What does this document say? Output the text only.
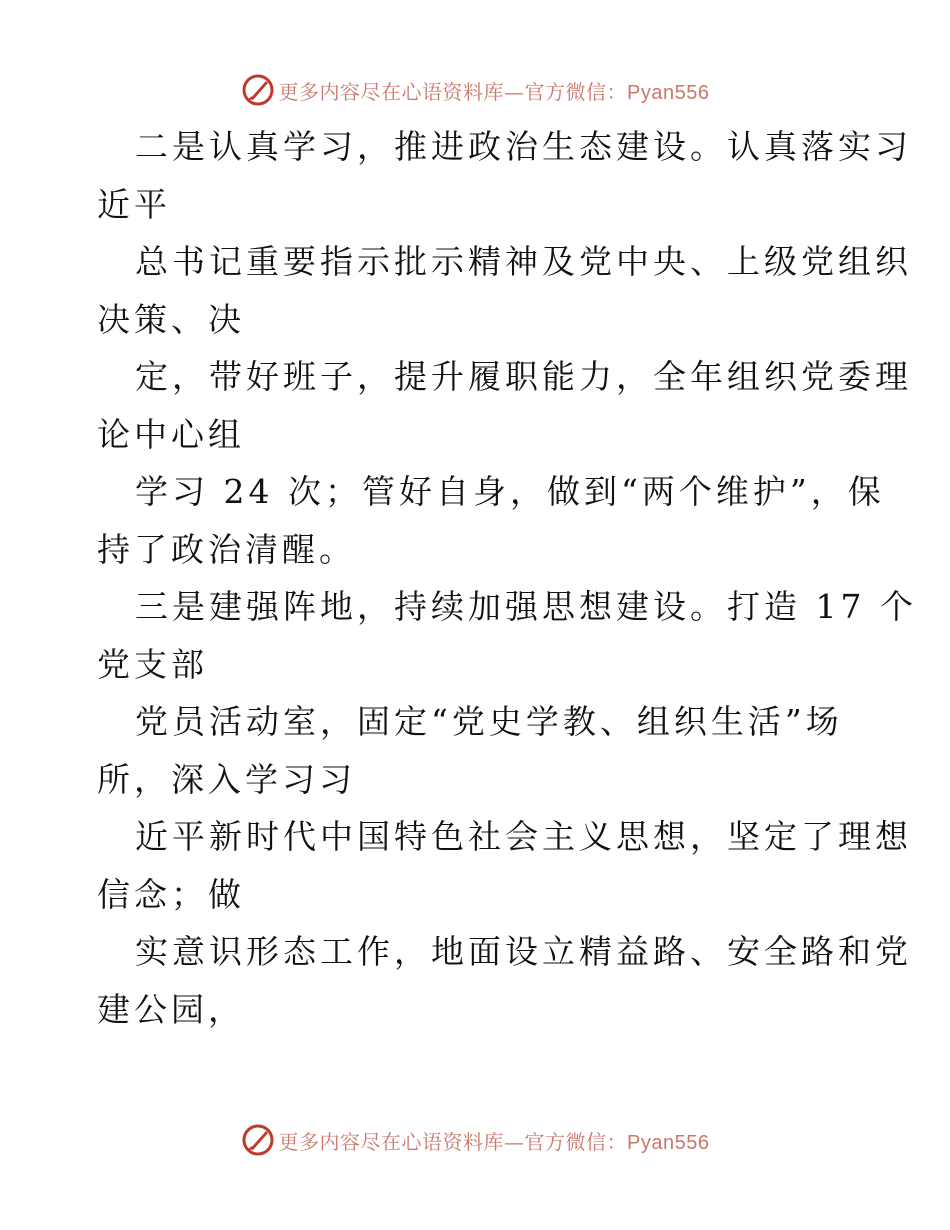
更多内容尽在心语资料库—官方微信：Pyan556
二是认真学习，推进政治生态建设。认真落实习
近平
总书记重要指示批示精神及党中央、上级党组织
决策、决
定，带好班子，提升履职能力，全年组织党委理
论中心组
学习 24 次；管好自身，做到“两个维护”，保
持了政治清醒。
三是建强阵地，持续加强思想建设。打造 17 个
党支部
党员活动室，固定“党史学教、组织生活”场
所，深入学习习
近平新时代中国特色社会主义思想，坚定了理想
信念；做
实意识形态工作，地面设立精益路、安全路和党
建公园，
更多内容尽在心语资料库—官方微信：Pyan556
